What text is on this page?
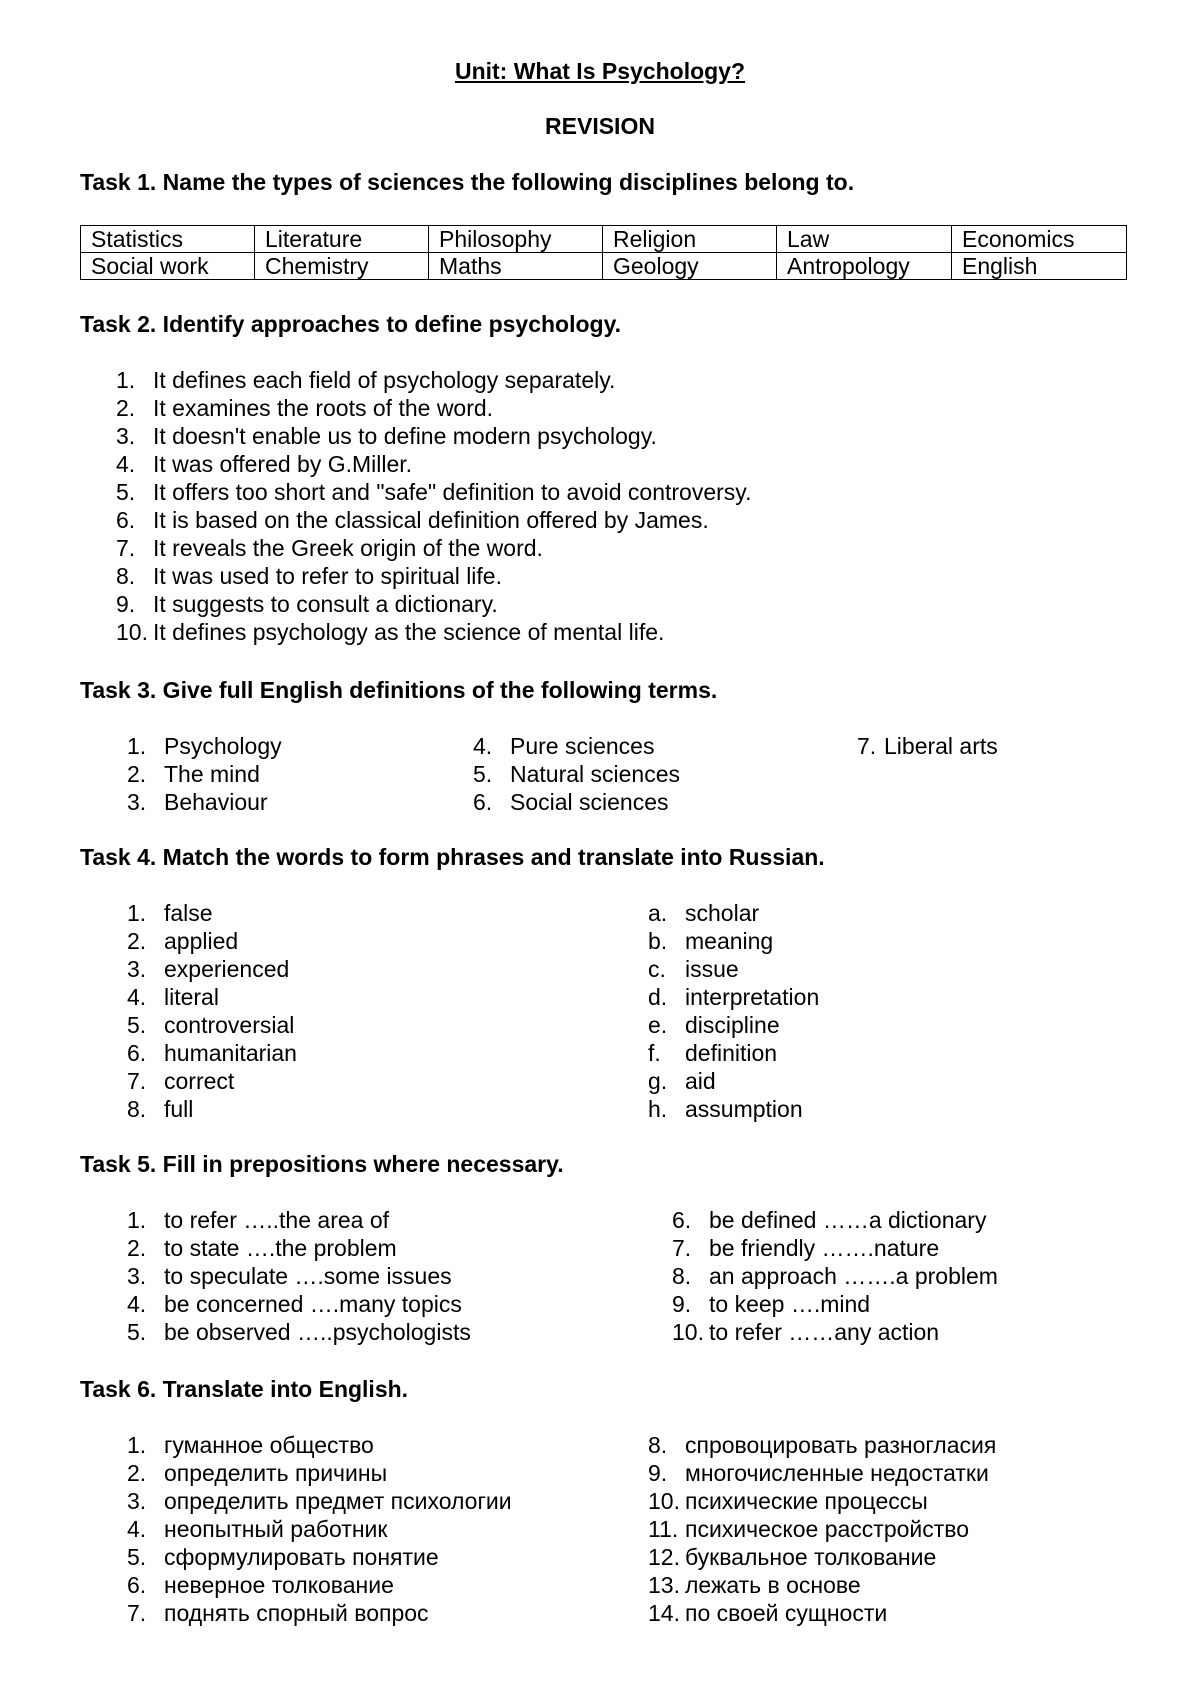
Unit: What Is Psychology?
REVISION
Task 1. Name the types of sciences the following disciplines belong to.
Statistics	Literature	Philosophy	Religion	Law	Economics
Social work	Chemistry	Maths	Geology	Antropology	English
Task 2. Identify approaches to define psychology.
1. It defines each field of psychology separately.
2. It examines the roots of the word.
3. It doesn't enable us to define modern psychology.
4. It was offered by G.Miller.
5. It offers too short and "safe" definition to avoid controversy.
6. It is based on the classical definition offered by James.
7. It reveals the Greek origin of the word.
8. It was used to refer to spiritual life.
9. It suggests to consult a dictionary.
10. It defines psychology as the science of mental life.
Task 3. Give full English definitions of the following terms.
1. Psychology
2. The mind
3. Behaviour
4. Pure sciences
5. Natural sciences
6. Social sciences
7. Liberal arts
Task 4. Match the words to form phrases and translate into Russian.
1. false
2. applied
3. experienced
4. literal
5. controversial
6. humanitarian
7. correct
8. full
a. scholar
b. meaning
c. issue
d. interpretation
e. discipline
f. definition
g. aid
h. assumption
Task 5. Fill in prepositions where necessary.
1. to refer …..the area of
2. to state ….the problem
3. to speculate ….some issues
4. be concerned ….many topics
5. be observed …..psychologists
6. be defined ……a dictionary
7. be friendly …….nature
8. an approach …….a problem
9. to keep ….mind
10. to refer ……any action
Task 6. Translate into English.
1. гуманное общество
2. определить причины
3. определить предмет психологии
4. неопытный работник
5. сформулировать понятие
6. неверное толкование
7. поднять спорный вопрос
8. спровоцировать разногласия
9. многочисленные недостатки
10. психические процессы
11. психическое расстройство
12. буквальное толкование
13. лежать в основе
14. по своей сущности
